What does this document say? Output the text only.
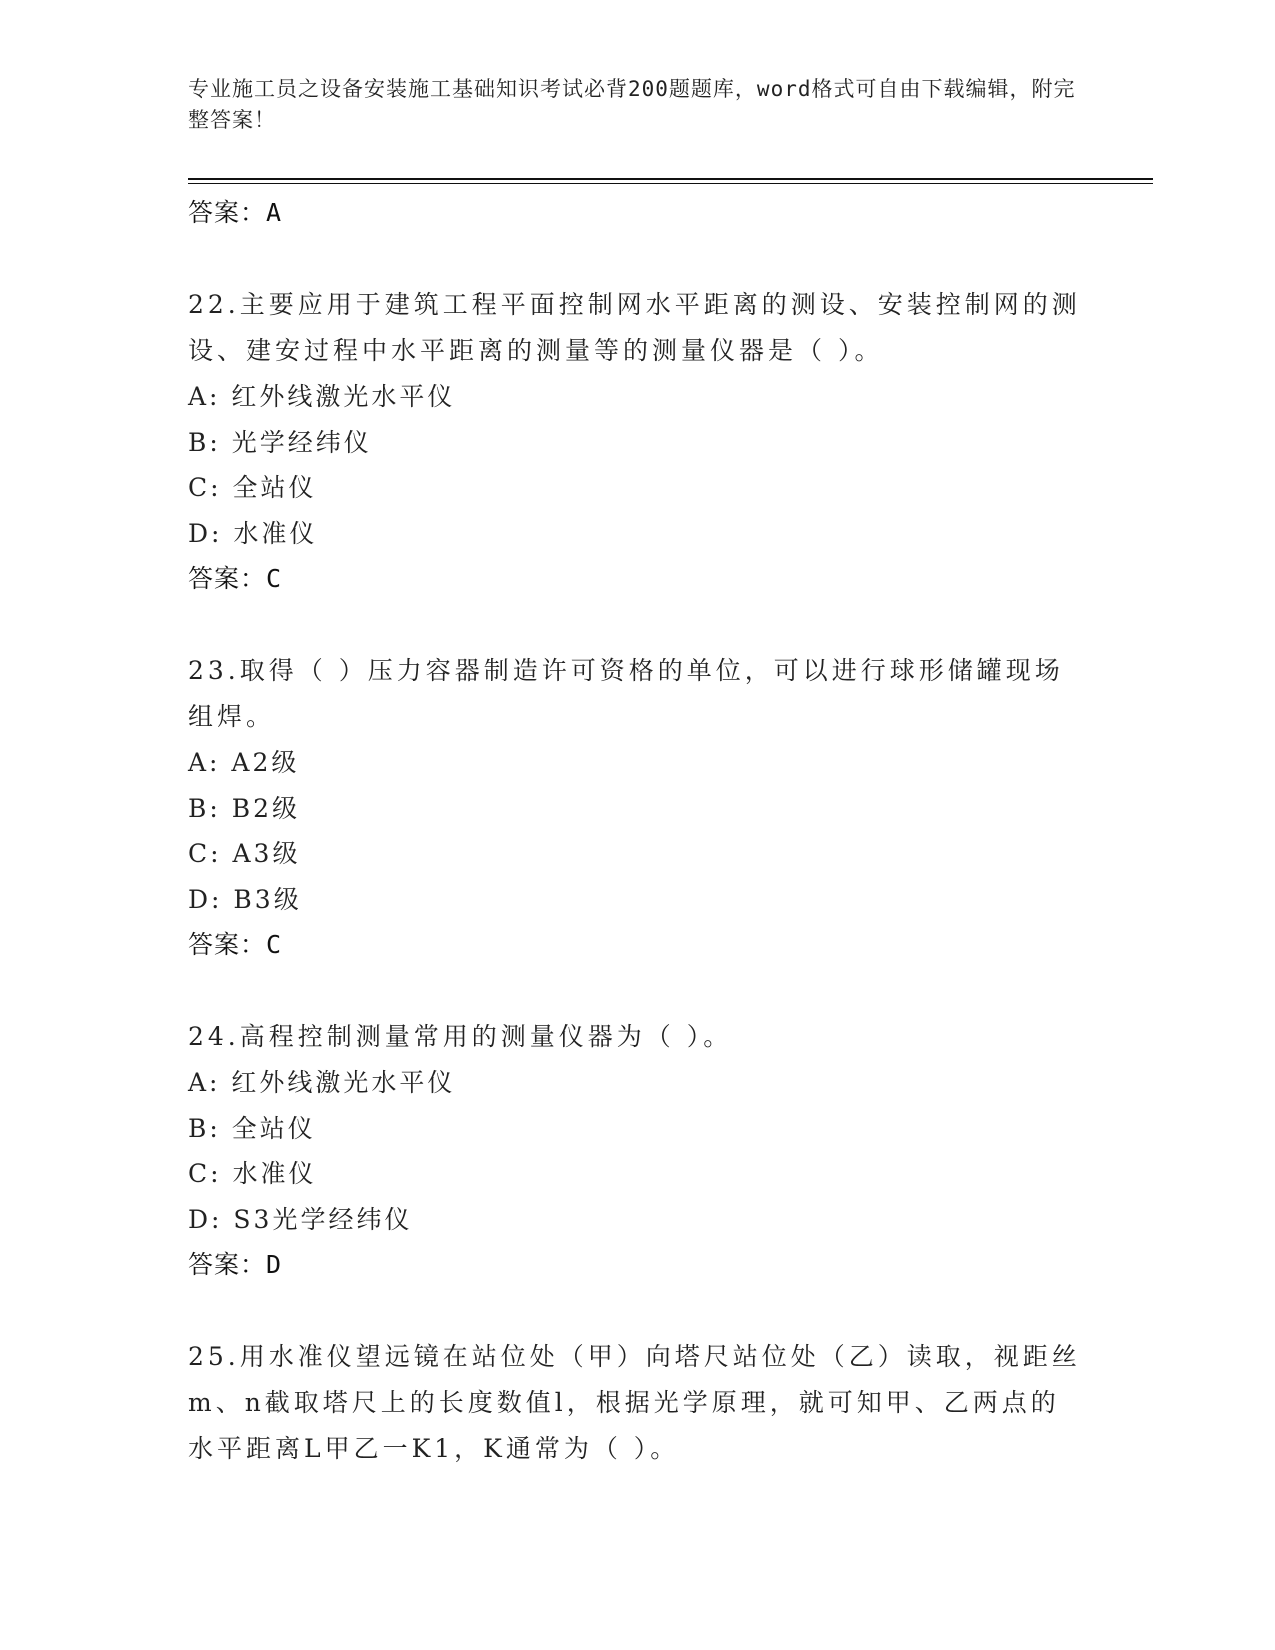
专业施工员之设备安装施工基础知识考试必背200题题库，word格式可自由下载编辑，附完整答案！
答案：A
22.主要应用于建筑工程平面控制网水平距离的测设、安装控制网的测设、建安过程中水平距离的测量等的测量仪器是（ ）。
A: 红外线激光水平仪
B: 光学经纬仪
C: 全站仪
D: 水准仪
答案：C
23.取得（ ）压力容器制造许可资格的单位，可以进行球形储罐现场组焊。
A: A2级
B: B2级
C: A3级
D: B3级
答案：C
24.高程控制测量常用的测量仪器为（ ）。
A: 红外线激光水平仪
B: 全站仪
C: 水准仪
D: S3光学经纬仪
答案：D
25.用水准仪望远镜在站位处（甲）向塔尺站位处（乙）读取，视距丝m、n截取塔尺上的长度数值l，根据光学原理，就可知甲、乙两点的水平距离L甲乙一K1，K通常为（ ）。
